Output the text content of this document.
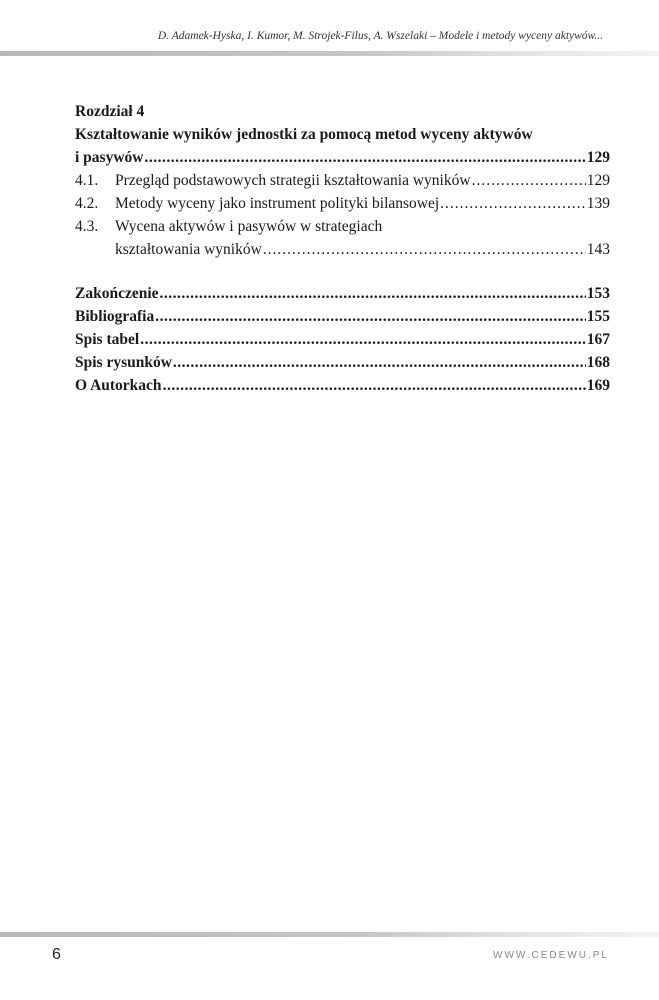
D. Adamek-Hyska, I. Kumor, M. Strojek-Filus, A. Wszelaki – Modele i metody wyceny aktywów...
Rozdział 4
Kształtowanie wyników jednostki za pomocą metod wyceny aktywów
i pasywów .....	129
4.1.	Przegląd podstawowych strategii kształtowania wyników .....	129
4.2.	Metody wyceny jako instrument polityki bilansowej .....	139
4.3.	Wycena aktywów i pasywów w strategiach
kształtowania wyników .....	143
Zakończenie .....	153
Bibliografia .....	155
Spis tabel .....	167
Spis rysunków .....	168
O Autorkach .....	169
6	WWW.CEDEWU.PL
